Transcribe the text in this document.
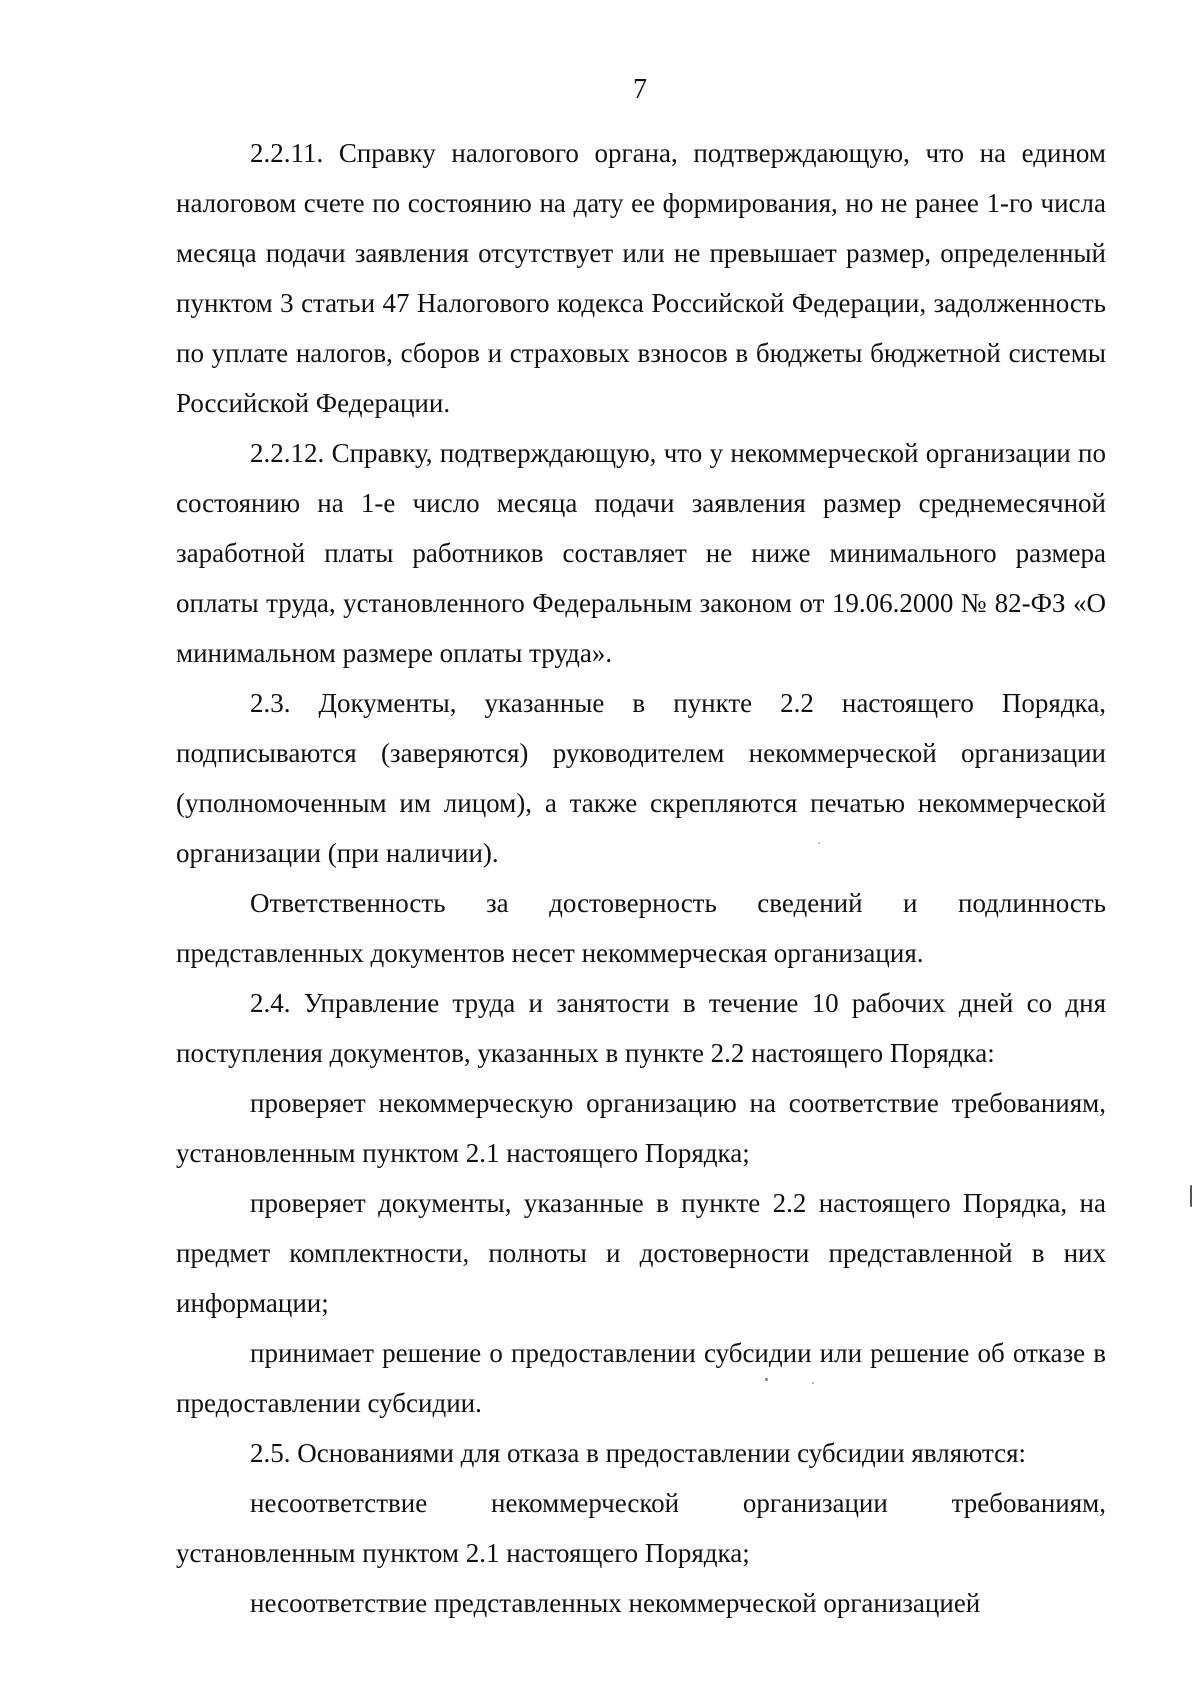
7

2.2.11. Справку налогового органа, подтверждающую, что на едином налоговом счете по состоянию на дату ее формирования, но не ранее 1-го числа месяца подачи заявления отсутствует или не превышает размер, определенный пунктом 3 статьи 47 Налогового кодекса Российской Федерации, задолженность по уплате налогов, сборов и страховых взносов в бюджеты бюджетной системы Российской Федерации.

2.2.12. Справку, подтверждающую, что у некоммерческой организации по состоянию на 1-е число месяца подачи заявления размер среднемесячной заработной платы работников составляет не ниже минимального размера оплаты труда, установленного Федеральным законом от 19.06.2000 № 82-ФЗ «О минимальном размере оплаты труда».

2.3. Документы, указанные в пункте 2.2 настоящего Порядка, подписываются (заверяются) руководителем некоммерческой организации (уполномоченным им лицом), а также скрепляются печатью некоммерческой организации (при наличии).

Ответственность за достоверность сведений и подлинность представленных документов несет некоммерческая организация.

2.4. Управление труда и занятости в течение 10 рабочих дней со дня поступления документов, указанных в пункте 2.2 настоящего Порядка:

проверяет некоммерческую организацию на соответствие требованиям, установленным пунктом 2.1 настоящего Порядка;

проверяет документы, указанные в пункте 2.2 настоящего Порядка, на предмет комплектности, полноты и достоверности представленной в них информации;

принимает решение о предоставлении субсидии или решение об отказе в предоставлении субсидии.

2.5. Основаниями для отказа в предоставлении субсидии являются:

несоответствие некоммерческой организации требованиям, установленным пунктом 2.1 настоящего Порядка;

несоответствие представленных некоммерческой организацией
